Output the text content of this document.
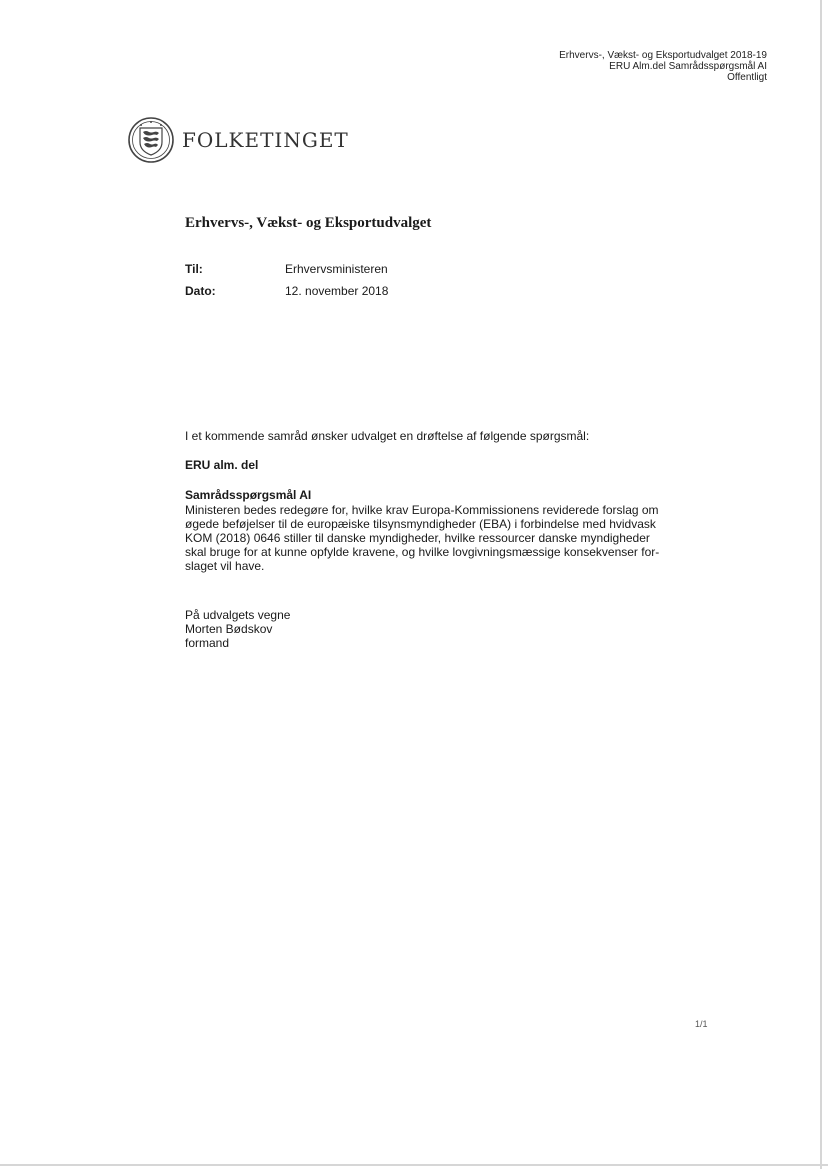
Erhvervs-, Vækst- og Eksportudvalget 2018-19
ERU Alm.del Samrådsspørgsmål AI
Offentligt
FOLKETINGET
Erhvervs-, Vækst- og Eksportudvalget
Til:	Erhvervsministeren
Dato:	12. november 2018
I et kommende samråd ønsker udvalget en drøftelse af følgende spørgsmål:
ERU alm. del
Samrådsspørgsmål AI
Ministeren bedes redegøre for, hvilke krav Europa-Kommissionens reviderede forslag om
øgede beføjelser til de europæiske tilsynsmyndigheder (EBA) i forbindelse med hvidvask
KOM (2018) 0646 stiller til danske myndigheder, hvilke ressourcer danske myndigheder
skal bruge for at kunne opfylde kravene, og hvilke lovgivningsmæssige konsekvenser for-
slaget vil have.
På udvalgets vegne
Morten Bødskov
formand
1/1
